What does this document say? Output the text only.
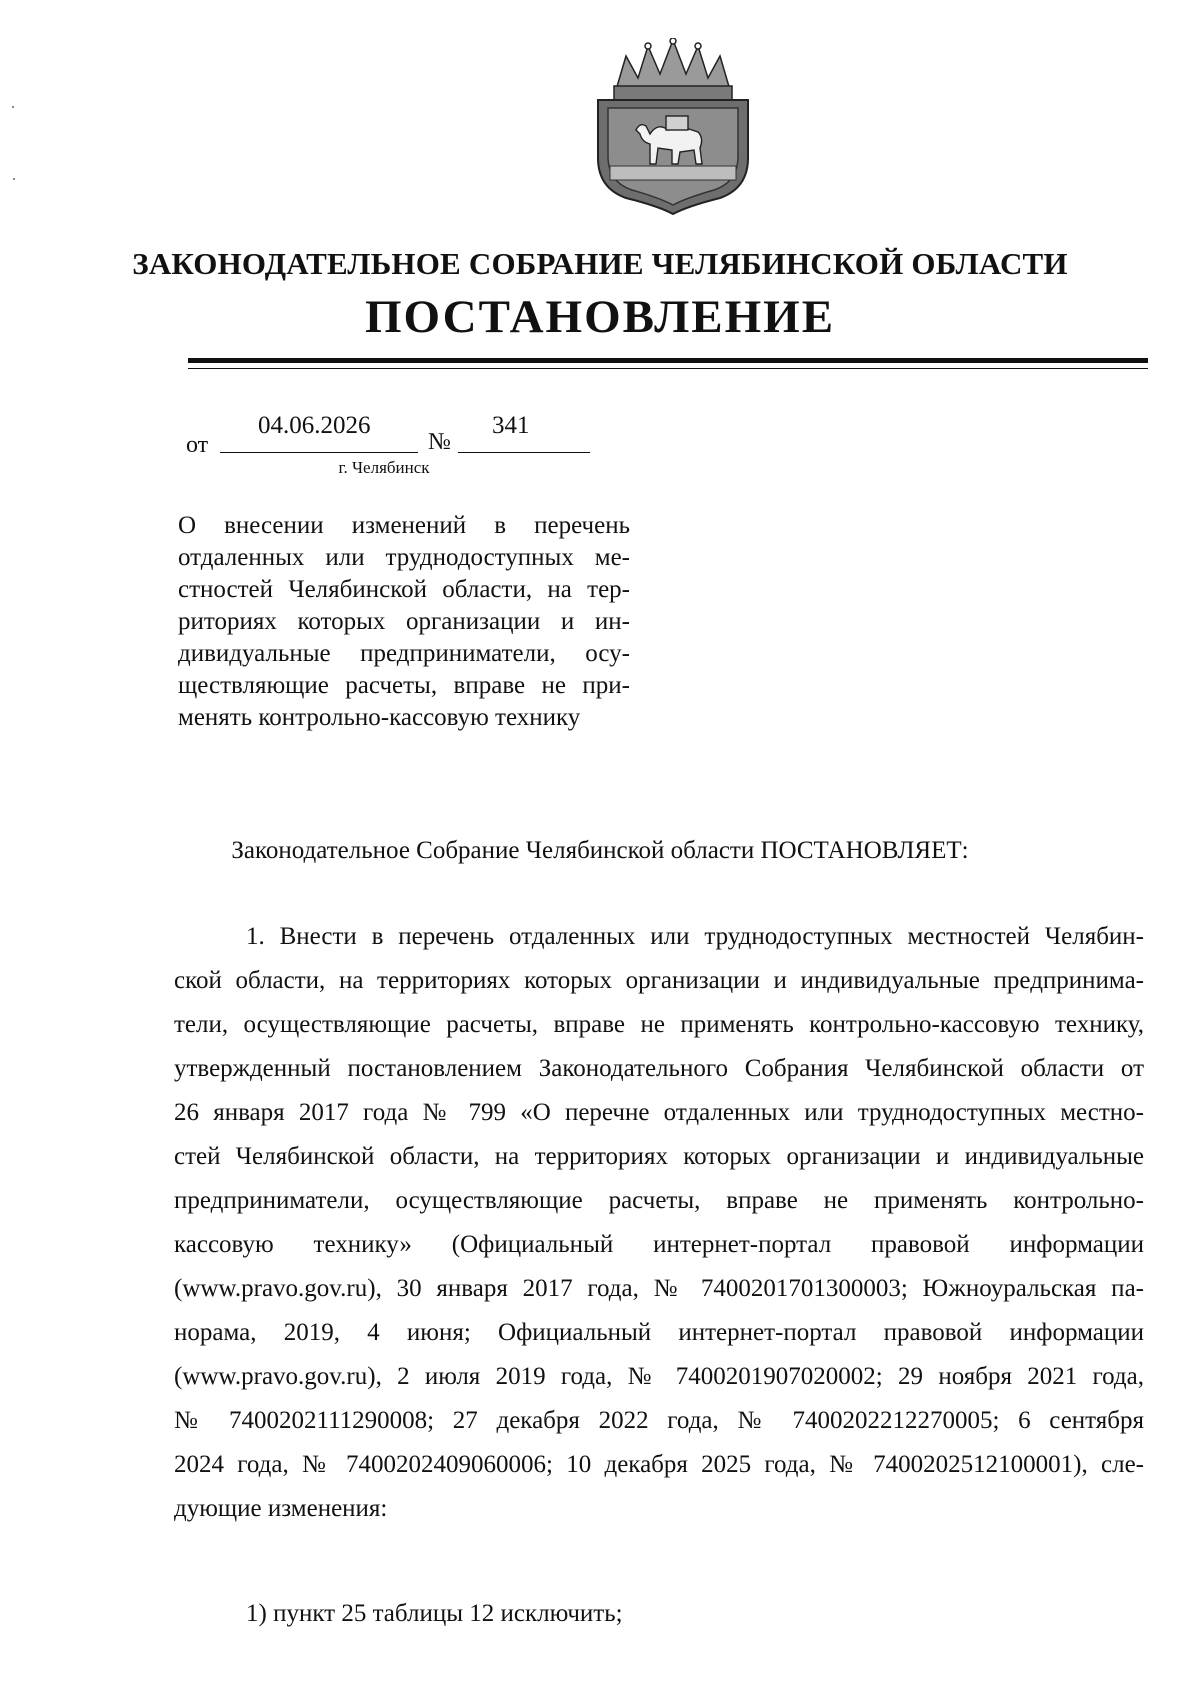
ЗАКОНОДАТЕЛЬНОЕ СОБРАНИЕ ЧЕЛЯБИНСКОЙ ОБЛАСТИ
ПОСТАНОВЛЕНИЕ
от
04.06.2026
№
341
г. Челябинск
О внесении изменений в перечень
отдаленных или труднодоступных ме-
стностей Челябинской области, на тер-
риториях которых организации и ин-
дивидуальные предприниматели, осу-
ществляющие расчеты, вправе не при-
менять контрольно-кассовую технику
Законодательное Собрание Челябинской области ПОСТАНОВЛЯЕТ:
1. Внести в перечень отдаленных или труднодоступных местностей Челябин-
ской области, на территориях которых организации и индивидуальные предпринима-
тели, осуществляющие расчеты, вправе не применять контрольно-кассовую технику,
утвержденный постановлением Законодательного Собрания Челябинской области от
26 января 2017 года № 799 «О перечне отдаленных или труднодоступных местно-
стей Челябинской области, на территориях которых организации и индивидуальные
предприниматели, осуществляющие расчеты, вправе не применять контрольно-
кассовую технику» (Официальный интернет-портал правовой информации
(www.pravo.gov.ru), 30 января 2017 года, № 7400201701300003; Южноуральская па-
норама, 2019, 4 июня; Официальный интернет-портал правовой информации
(www.pravo.gov.ru), 2 июля 2019 года, № 7400201907020002; 29 ноября 2021 года,
№ 7400202111290008; 27 декабря 2022 года, № 7400202212270005; 6 сентября
2024 года, № 7400202409060006; 10 декабря 2025 года, № 7400202512100001), сле-
дующие изменения:
1) пункт 25 таблицы 12 исключить;
